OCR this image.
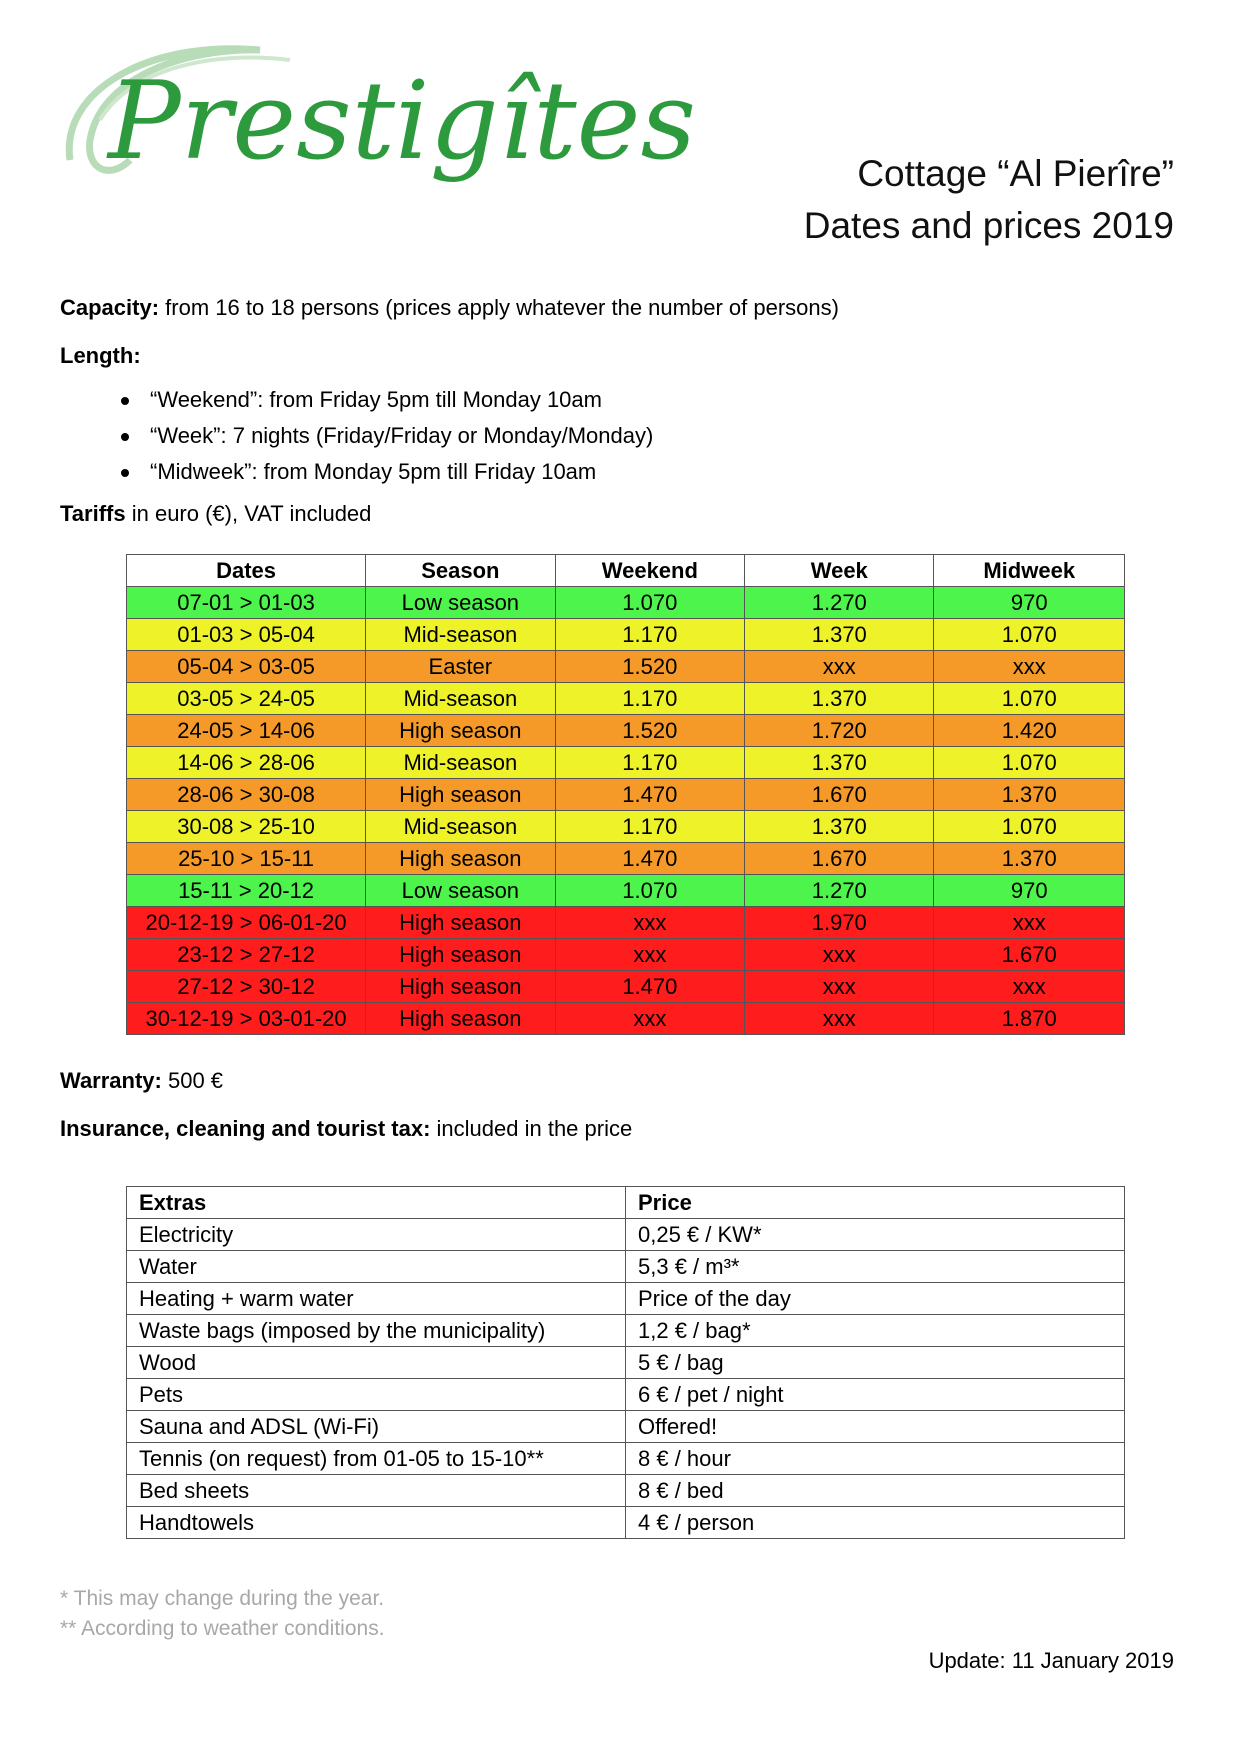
Prestigîtes	Cottage “Al Pierîre”
Dates and prices 2019
Capacity: from 16 to 18 persons (prices apply whatever the number of persons)
Length:
“Weekend”: from Friday 5pm till Monday 10am
“Week”: 7 nights (Friday/Friday or Monday/Monday)
“Midweek”: from Monday 5pm till Friday 10am
Tariffs in euro (€), VAT included
Dates	Season	Weekend	Week	Midweek
07-01 > 01-03	Low season	1.070	1.270	970
01-03 > 05-04	Mid-season	1.170	1.370	1.070
05-04 > 03-05	Easter	1.520	xxx	xxx
03-05 > 24-05	Mid-season	1.170	1.370	1.070
24-05 > 14-06	High season	1.520	1.720	1.420
14-06 > 28-06	Mid-season	1.170	1.370	1.070
28-06 > 30-08	High season	1.470	1.670	1.370
30-08 > 25-10	Mid-season	1.170	1.370	1.070
25-10 > 15-11	High season	1.470	1.670	1.370
15-11 > 20-12	Low season	1.070	1.270	970
20-12-19 > 06-01-20	High season	xxx	1.970	xxx
23-12 > 27-12	High season	xxx	xxx	1.670
27-12 > 30-12	High season	1.470	xxx	xxx
30-12-19 > 03-01-20	High season	xxx	xxx	1.870
Warranty: 500 €
Insurance, cleaning and tourist tax: included in the price
Extras	Price
Electricity	0,25 € / KW*
Water	5,3 € / m³*
Heating + warm water	Price of the day
Waste bags (imposed by the municipality)	1,2 € / bag*
Wood	5 € / bag
Pets	6 € / pet / night
Sauna and ADSL (Wi-Fi)	Offered!
Tennis (on request) from 01-05 to 15-10**	8 € / hour
Bed sheets	8 € / bed
Handtowels	4 € / person
* This may change during the year.
** According to weather conditions.
Update: 11 January 2019
